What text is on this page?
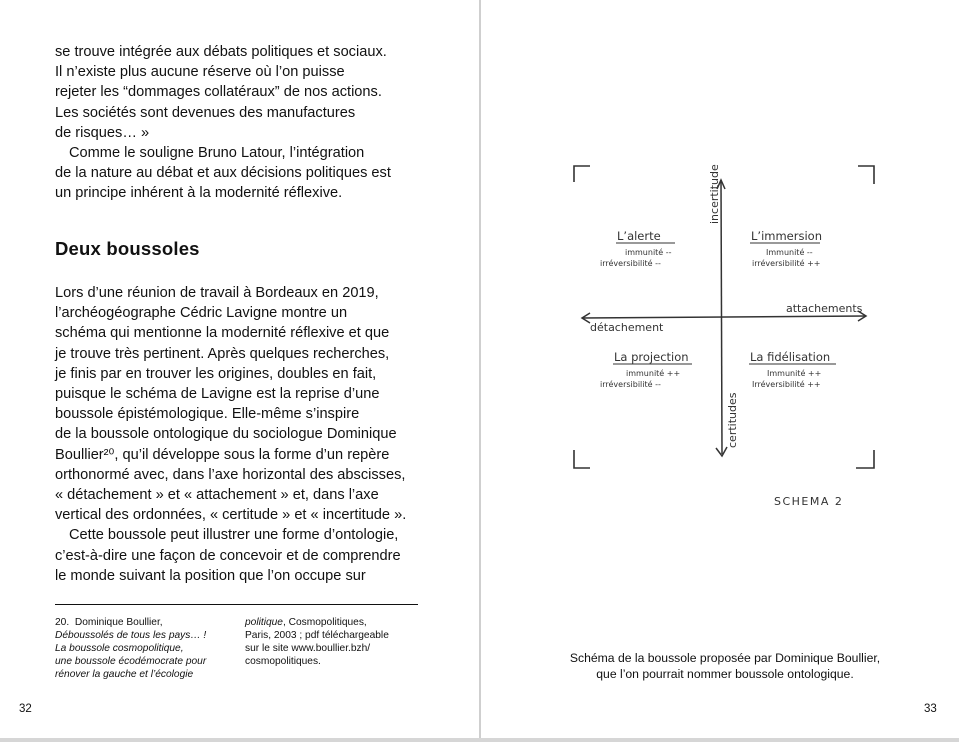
se trouve intégrée aux débats politiques et sociaux.
Il n’existe plus aucune réserve où l’on puisse
rejeter les “dommages collatéraux” de nos actions.
Les sociétés sont devenues des manufactures
de risques… »
Comme le souligne Bruno Latour, l’intégration
de la nature au débat et aux décisions politiques est
un principe inhérent à la modernité réflexive.
Deux boussoles
Lors d’une réunion de travail à Bordeaux en 2019,
l’archéogéographe Cédric Lavigne montre un
schéma qui mentionne la modernité réflexive et que
je trouve très pertinent. Après quelques recherches,
je finis par en trouver les origines, doubles en fait,
puisque le schéma de Lavigne est la reprise d’une
boussole épistémologique. Elle-même s’inspire
de la boussole ontologique du sociologue Dominique
Boullier²⁰, qu’il développe sous la forme d’un repère
orthonormé avec, dans l’axe horizontal des abscisses,
« détachement » et « attachement » et, dans l’axe
vertical des ordonnées, « certitude » et « incertitude ».
Cette boussole peut illustrer une forme d’ontologie,
c’est-à-dire une façon de concevoir et de comprendre
le monde suivant la position que l’on occupe sur
20. Dominique Boullier,
Déboussolés de tous les pays… !
La boussole cosmopolitique,
une boussole écodémocrate pour
rénover la gauche et l’écologie
politique, Cosmopolitiques,
Paris, 2003 ; pdf téléchargeable
sur le site www.boullier.bzh/
cosmopolitiques.
32
incertitude
certitudes
attachements
détachement
L’alerte
immunité --
irréversibilité --
L’immersion
Immunité --
irréversibilité ++
La projection
immunité ++
irréversibilité --
La fidélisation
Immunité ++
Irréversibilité ++
SCHEMA 2
Schéma de la boussole proposée par Dominique Boullier,
que l’on pourrait nommer boussole ontologique.
33
